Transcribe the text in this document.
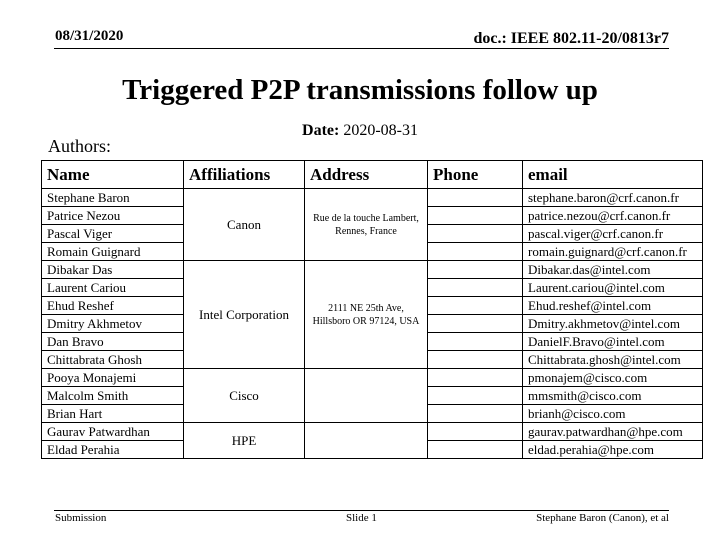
08/31/2020	doc.: IEEE 802.11-20/0813r7
Triggered P2P transmissions follow up
Date: 2020-08-31
Authors:
Name	Affiliations	Address	Phone	email
Stephane Baron	Canon	Rue de la touche Lambert, Rennes, France		stephane.baron@crf.canon.fr
Patrice Nezou				patrice.nezou@crf.canon.fr
Pascal Viger				pascal.viger@crf.canon.fr
Romain Guignard				romain.guignard@crf.canon.fr
Dibakar Das	Intel Corporation	2111 NE 25th Ave, Hillsboro OR 97124, USA		Dibakar.das@intel.com
Laurent Cariou				Laurent.cariou@intel.com
Ehud Reshef				Ehud.reshef@intel.com
Dmitry Akhmetov				Dmitry.akhmetov@intel.com
Dan Bravo				DanielF.Bravo@intel.com
Chittabrata Ghosh				Chittabrata.ghosh@intel.com
Pooya Monajemi	Cisco			pmonajem@cisco.com
Malcolm Smith				mmsmith@cisco.com
Brian Hart				brianh@cisco.com
Gaurav Patwardhan	HPE			gaurav.patwardhan@hpe.com
Eldad Perahia				eldad.perahia@hpe.com
Submission	Slide 1	Stephane Baron (Canon), et al
